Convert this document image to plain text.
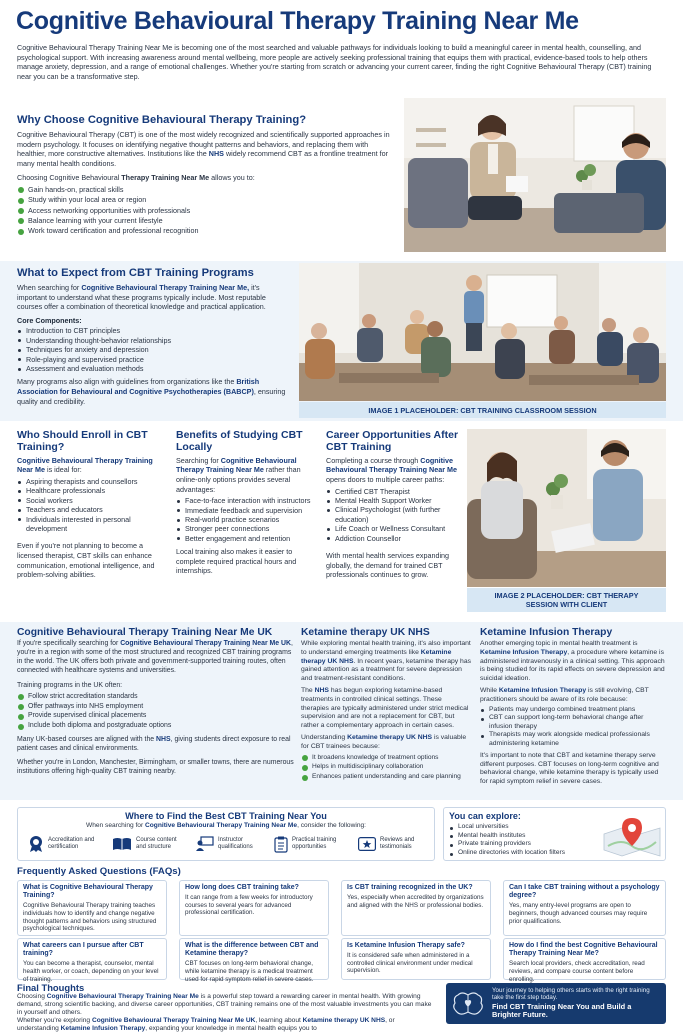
Cognitive Behavioural Therapy Training Near Me

Cognitive Behavioural Therapy Training Near Me is becoming one of the most searched and valuable pathways for individuals looking to build a meaningful career in mental health, counselling, and psychological support. With increasing awareness around mental wellbeing, more people are actively seeking professional training that equips them with practical, evidence-based tools to help others manage anxiety, depression, and a range of emotional challenges. Whether you're starting from scratch or advancing your current career, finding the right Cognitive Behavioural Therapy (CBT) training near you can be a transformative step.

Why Choose Cognitive Behavioural Therapy Training?

Cognitive Behavioural Therapy (CBT) is one of the most widely recognized and scientifically supported approaches in modern psychology. It focuses on identifying negative thought patterns and behaviors, and replacing them with healthier, more constructive alternatives. Institutions like the NHS widely recommend CBT as a frontline treatment for many mental health conditions.

Choosing Cognitive Behavioural Therapy Training Near Me allows you to:

Gain hands-on, practical skills
Study within your local area or region
Access networking opportunities with professionals
Balance learning with your current lifestyle
Work toward certification and professional recognition
What to Expect from CBT Training Programs

When searching for Cognitive Behavioural Therapy Training Near Me, it's important to understand what these programs typically include. Most reputable courses offer a combination of theoretical knowledge and practical application.

Core Components:
Introduction to CBT principles
Understanding thought-behavior relationships
Techniques for anxiety and depression
Role-playing and supervised practice
Assessment and evaluation methods

Many programs also align with guidelines from organizations like the British Association for Behavioural and Cognitive Psychotherapies (BABCP), ensuring quality and credibility.

IMAGE 1 PLACEHOLDER: CBT TRAINING CLASSROOM SESSION
Who Should Enroll in CBT Training?

Cognitive Behavioural Therapy Training Near Me is ideal for:

Aspiring therapists and counsellors
Healthcare professionals
Social workers
Teachers and educators
Individuals interested in personal development

Even if you're not planning to become a licensed therapist, CBT skills can enhance communication, emotional intelligence, and problem-solving abilities.

Benefits of Studying CBT Locally

Searching for Cognitive Behavioural Therapy Training Near Me rather than online-only options provides several advantages:

Face-to-face interaction with instructors
Immediate feedback and supervision
Real-world practice scenarios
Stronger peer connections
Better engagement and retention

Local training also makes it easier to complete required practical hours and internships.

Career Opportunities After CBT Training

Completing a course through Cognitive Behavioural Therapy Training Near Me opens doors to multiple career paths:

Certified CBT Therapist
Mental Health Support Worker
Clinical Psychologist (with further education)
Life Coach or Wellness Consultant
Addiction Counsellor

With mental health services expanding globally, the demand for trained CBT professionals continues to grow.

IMAGE 2 PLACEHOLDER: CBT THERAPY SESSION WITH CLIENT
Cognitive Behavioural Therapy Training Near Me UK

If you're specifically searching for Cognitive Behavioural Therapy Training Near Me UK, you're in a region with some of the most structured and recognized CBT training programs in the world. The UK offers both private and government-supported training routes, often connected with healthcare systems and universities.

Training programs in the UK often:

Follow strict accreditation standards
Offer pathways into NHS employment
Provide supervised clinical placements
Include both diploma and postgraduate options

Many UK-based courses are aligned with the NHS, giving students direct exposure to real patient cases and clinical environments.

Whether you're in London, Manchester, Birmingham, or smaller towns, there are numerous institutions offering high-quality CBT training nearby.

Ketamine therapy UK NHS

While exploring mental health training, it's also important to understand emerging treatments like Ketamine therapy UK NHS. In recent years, ketamine therapy has gained attention as a treatment for severe depression and treatment-resistant conditions.

The NHS has begun exploring ketamine-based treatments in controlled clinical settings. These therapies are typically administered under strict medical supervision and are not a replacement for CBT, but rather a complementary approach in certain cases.

Understanding Ketamine therapy UK NHS is valuable for CBT trainees because:

It broadens knowledge of treatment options
Helps in multidisciplinary collaboration
Enhances patient understanding and care planning
Ketamine Infusion Therapy

Another emerging topic in mental health treatment is Ketamine Infusion Therapy, a procedure where ketamine is administered intravenously in a clinical setting. This approach is being studied for its rapid effects on severe depression and suicidal ideation.

While Ketamine Infusion Therapy is still evolving, CBT practitioners should be aware of its role because:

Patients may undergo combined treatment plans
CBT can support long-term behavioral change after infusion therapy
Therapists may work alongside medical professionals administering ketamine

It's important to note that CBT and ketamine therapy serve different purposes. CBT focuses on long-term cognitive and behavioral change, while ketamine therapy is typically used for rapid symptom relief in severe cases.

Where to Find the Best CBT Training Near You
When searching for Cognitive Behavioural Therapy Training Near Me, consider the following:
Accreditation and certification
Course content and structure
Instructor qualifications
Practical training opportunities
Reviews and testimonials
You can explore:
Local universities
Mental health institutes
Private training providers
Online directories with location filters
Frequently Asked Questions (FAQs)
What is Cognitive Behavioural Therapy Training?
Cognitive Behavioural Therapy training teaches individuals how to identify and change negative thought patterns and behaviors using structured psychological techniques.
How long does CBT training take?
It can range from a few weeks for introductory courses to several years for advanced professional certification.
Is CBT training recognized in the UK?
Yes, especially when accredited by organizations and aligned with the NHS or professional bodies.
Can I take CBT training without a psychology degree?
Yes, many entry-level programs are open to beginners, though advanced courses may require prior qualifications.
What careers can I pursue after CBT training?
You can become a therapist, counselor, mental health worker, or coach, depending on your level of training.
What is the difference between CBT and Ketamine therapy?
CBT focuses on long-term behavioral change, while ketamine therapy is a medical treatment used for rapid symptom relief in severe cases.
Is Ketamine Infusion Therapy safe?
It is considered safe when administered in a controlled clinical environment under medical supervision.
How do I find the best Cognitive Behavioural Therapy Training Near Me?
Search local providers, check accreditation, read reviews, and compare course content before enrolling.
Final Thoughts

Choosing Cognitive Behavioural Therapy Training Near Me is a powerful step toward a rewarding career in mental health. With growing demand, strong scientific backing, and diverse career opportunities, CBT training remains one of the most valuable investments you can make in yourself and others.

Whether you're exploring Cognitive Behavioural Therapy Training Near Me UK, learning about Ketamine therapy UK NHS, or understanding Ketamine Infusion Therapy, expanding your knowledge in mental health equips you to

Your journey to helping others starts with the right training take the first step today.
Find CBT Training Near You and Build a Brighter Future.
